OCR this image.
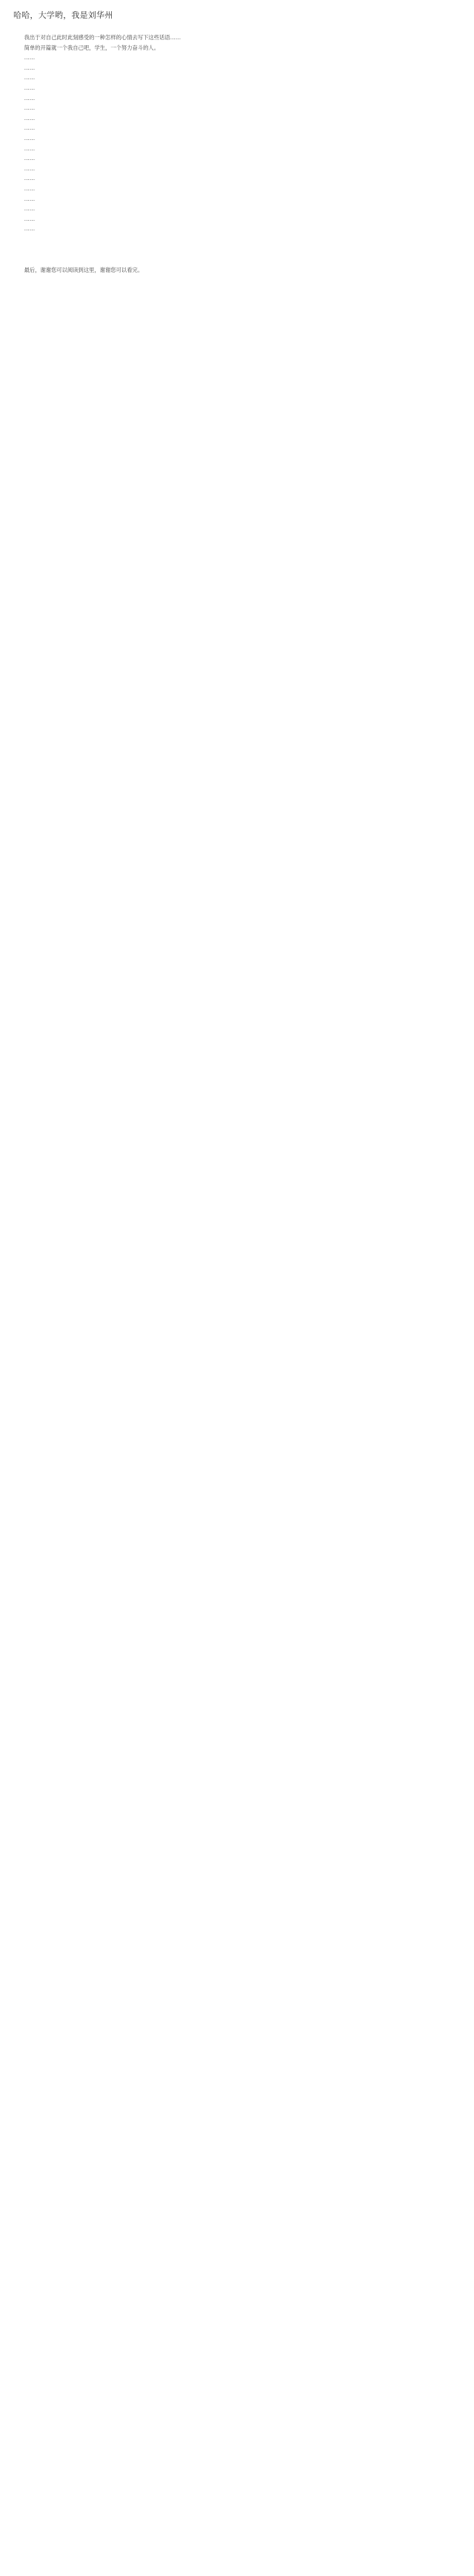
哈哈，大学哟，我是刘华州

我出于对自己此时此刻感受的一种怎样的心情去写下这些话语……

简单的开篇就一个我自己吧，学生，一个努力奋斗的人。

……

……

……

……

……

……

……

……

……

……

……

……

……

……

……

……

……

……

最后，谢谢您可以阅读到这里，谢谢您可以看完。
